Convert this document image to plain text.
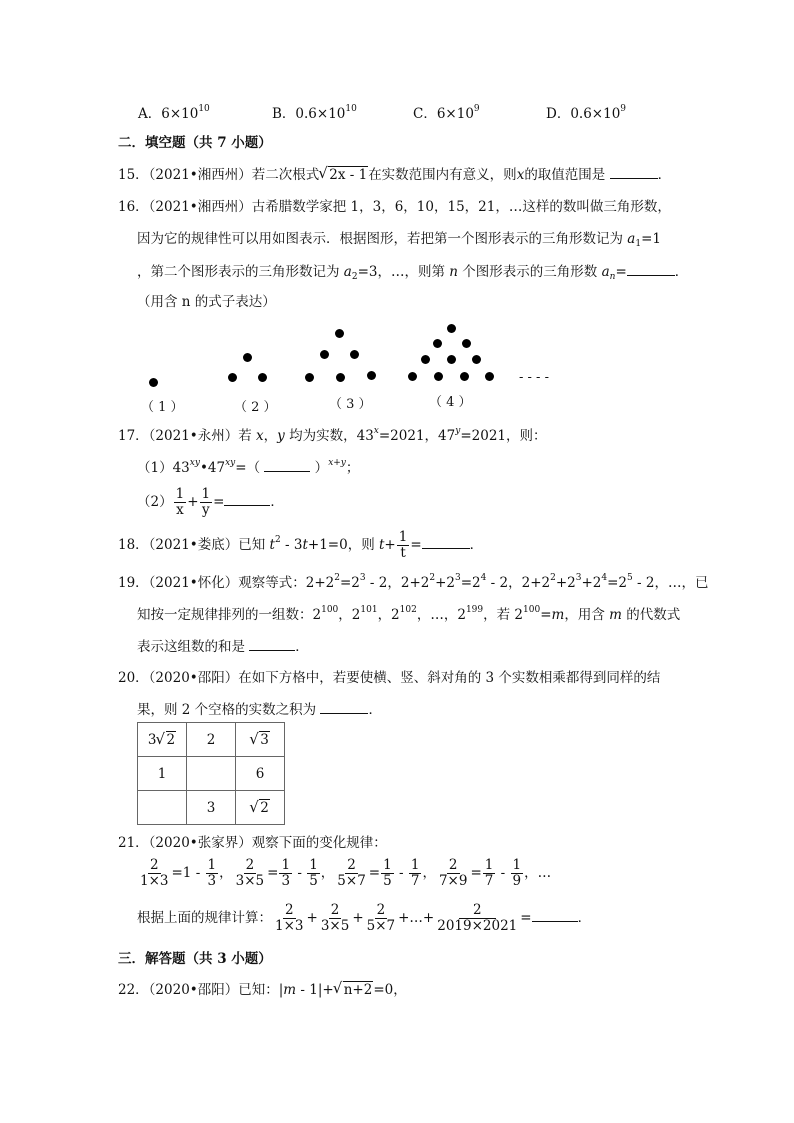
A．$6\times 10^{10}$	B．$0.6\times 10^{10}$	C．$6\times 10^9$	D．$0.6\times 10^9$
二．填空题（共 7 小题）
15．（2021•湘西州）若二次根式 √ 2x - 1在实数范围内有意义，则x的取值范围是	．
16．（2021•湘西州）古希腊数学家把 1，3，6，10，15，21，…这样的数叫做三角形数，
因为它的规律性可以用如图表示．根据图形，若把第一个图形表示的三角形数记为 $a_1=1$
，第二个图形表示的三角形数记为 $a_2=3$，…，则第 n 个图形表示的三角形数 $a_n=$	．
（用含 n 的式子表达）
- - - -
（ 1 ）	（ 2 ）	（ 3 ）	（ 4 ）
17．（2021•永州）若 x，y 均为实数，$43^x=2021$，$47^y=2021$，则：
$(1)43^{xy}•47^{xy}=$（	）$^{x+y}$；
$(2) \frac{1}{x} + \frac{1}{y}$ =	．
18．（2021•娄底）已知 $t^2 - 3t+1=0$，则 $t+ \frac{1}{t}$ =	．
19．（2021•怀化）观察等式：$2+2^2=2^3 - 2$，$2+2^2+2^3=2^4 - 2$，$2+2^2+2^3+2^4=2^5 - 2$，…，已
知按一定规律排列的一组数：$2^{100}$，$2^{101}$，$2^{102}$，…，$2^{199}$，若 $2^{100}=m$，用含 m 的代数式
表示这组数的和是	．
20．（2020•邵阳）在如下方格中，若要使横、竖、斜对角的 3 个实数相乘都得到同样的结
果，则 2 个空格的实数之积为	．
3 √ 2	2	√ 3
1		6
	3	√ 2
21．（2020•张家界）观察下面的变化规律：
$\frac{2}{1\times 3} =1 - \frac{1}{3}$ ， $\frac{2}{3\times 5} = \frac{1}{3} - \frac{1}{5}$ ， $\frac{2}{5\times 7} = \frac{1}{5} - \frac{1}{7}$ ， $\frac{2}{7\times 9} = \frac{1}{7} - \frac{1}{9}$ ，…
根据上面的规律计算： $\frac{2}{1\times 3} + \frac{2}{3\times 5} + \frac{2}{5\times 7}$ +…+ $\frac{2}{2019\times 2021}$ =	．
三．解答题（共 3 小题）
22．（2020•邵阳）已知：|m - 1|+ √ n+2=0，
